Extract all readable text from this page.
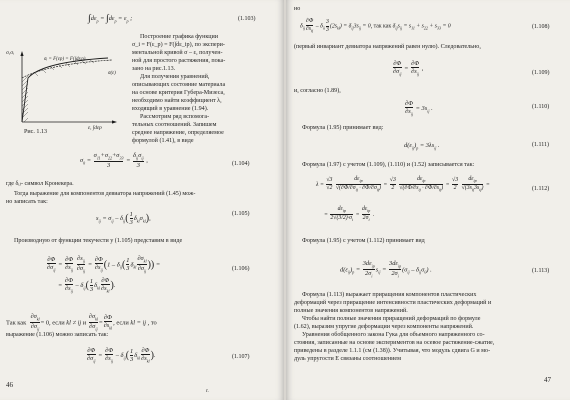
$\int d\varepsilon_p = \int d\varepsilon_p = \varepsilon_p$ ;	(1.103)
σ,σᵢ
σᵢ = F(εp) = F(∫dεᵢp)
σ(ε)
ε, ∫dεp
Рис. 1.13
Построение графика функции
σ_i = F(ε_p) = F(∫dε_ip), по экспери-
ментальной кривой σ – ε, получен-
ной для простого растяжения, пока-
зано на рис.1.13.
Для получения уравнений,
описывающих состояние материала
на основе критерия Губера-Мизеса,
необходимо найти коэффициент λ,
входящий в уравнение (1.94).
Рассмотрим ряд вспомога-
тельных соотношений. Запишем
среднее напряжение, определяемое
формулой (1.41), в виде
$\sigma_0 = \frac{\sigma_{11}+\sigma_{22}+\sigma_{33}}{3} = \frac{\delta_{ij}\sigma_{ij}}{3}$ ,	(1.104)
где δᵢⱼ- символ Кронекера.
Тогда выражение для компонентов девиатора напряжений (1.45) мож-
но записать так:
$s_{ij} = \sigma_{ij} - \delta_{ij}( \frac{1}{3} \delta_{kl}\sigma_{kl})$,
(1.105)
Производную от функции текучести у (1.105) представим в виде
$\frac{\partial\Phi}{\partial\sigma_{ij}} = \frac{\partial\Phi}{\partial s_{ij}}$
$\frac{\partial s_{ij}}{\partial\sigma_{ij}} = \frac{\partial\Phi}{\partial s_{ij}} (1 - \delta_{ij}( \frac{1}{3} \delta_{kl} \frac{\partial\sigma_{kl}}{\partial\sigma_{ij}}$ )) =
= $\frac{\partial\Phi}{\partial s_{ij}} - \delta_{ij}( \frac{1}{3} \delta_{kl} \frac{\partial\Phi}{\partial s_{kl}}$ ).
(1.106)
Так как $\frac{\partial\sigma_{kl}}{\partial\sigma_{ij}} = 0$, если kl ≠ ij и $\frac{\partial\sigma_{kl}}{\partial\sigma_{ij}} = \frac{\partial\Phi}{\partial s_{kl}}$ , если kl = ij , то
выражение (1.106) можно записать так:
$\frac{\partial\Phi}{\partial\sigma_{ij}} = \frac{\partial\Phi}{\partial s_{ij}} - \delta_{ij}( \frac{1}{3} \delta_{kl} \frac{\partial\Phi}{\partial s_{kl}}$ ).	(1.107)
46
г.
но
$\delta_{ij} \frac{\partial\Phi}{\partial s_{ij}} - \delta_{ii} \frac{3}{3} (2s_{kl}) = \delta_{ij}3s_{ij} = 0$, так как $\delta_{ij}s_{ij} = s_{11} + s_{22} + s_{33} = 0$	(1.108)
(первый инвариант девиатора напряжений равен нулю). Следовательно,
$\frac{\partial\Phi}{\partial\sigma_{ij}} = \frac{\partial\Phi}{\partial s_{ij}}$ ,
(1.109)
и, согласно (1.89),
$\frac{\partial\Phi}{\partial s_{ij}} = 3s_{ij}$ .	(1.110)
Формула (1.95) принимает вид:
$d(\varepsilon_{ij})_p = 3\lambda s_{ij}$ .	(1.111)
Формула (1.97) с учетом (1.109), (1.110) и (1.52) записывается так:
$\lambda = \frac{√3}{√2}$
$\frac{d\varepsilon_{ip}}{√(\partial\Phi/\partial\sigma_{ij} \cdot \partial\Phi/\partial\sigma_{ij})} = \frac{√3}{2}$
$\frac{d\varepsilon_{ip}}{√(\partial\Phi/\partial s_{ij} \cdot \partial\Phi/\partial s_{ij})} = \frac{√3}{2}$
$\frac{d\varepsilon_{ip}}{√(3s_{ij}3s_{ij})}$ =
= $\frac{d\varepsilon_{ip}}{2√(3/2)\cdot\sigma_i} = \frac{d\varepsilon_{ip}}{2\sigma_i}$ .
(1.112)
Формула (1.95) с учетом (1.112) принимает вид
$d(\varepsilon_{ij})_p = \frac{3d\varepsilon_{ip}}{2\sigma_i} s_{ij} = \frac{3d\varepsilon_{ip}}{2\sigma_i} (\sigma_{ij} - \delta_{ij}\sigma_0)$ .	(1.113)
Формула (1.113) выражает приращения компонентов пластических
деформаций через приращение интенсивности пластических деформаций и
полные значения компонентов напряжений.
Чтобы найти полные значения приращений деформаций по формуле
(1.62), выразим упругие деформации через компоненты напряжений.
Уравнения обобщенного закона Гука для объемного напряженного со-
стояния, записанные на основе экспериментов на осевое растяжение-сжатие,
приведены в разделе 1.1.1 (см (1.38)). Учитывая, что модуль сдвига G и мо-
дуль упругости E связаны соотношением
47
